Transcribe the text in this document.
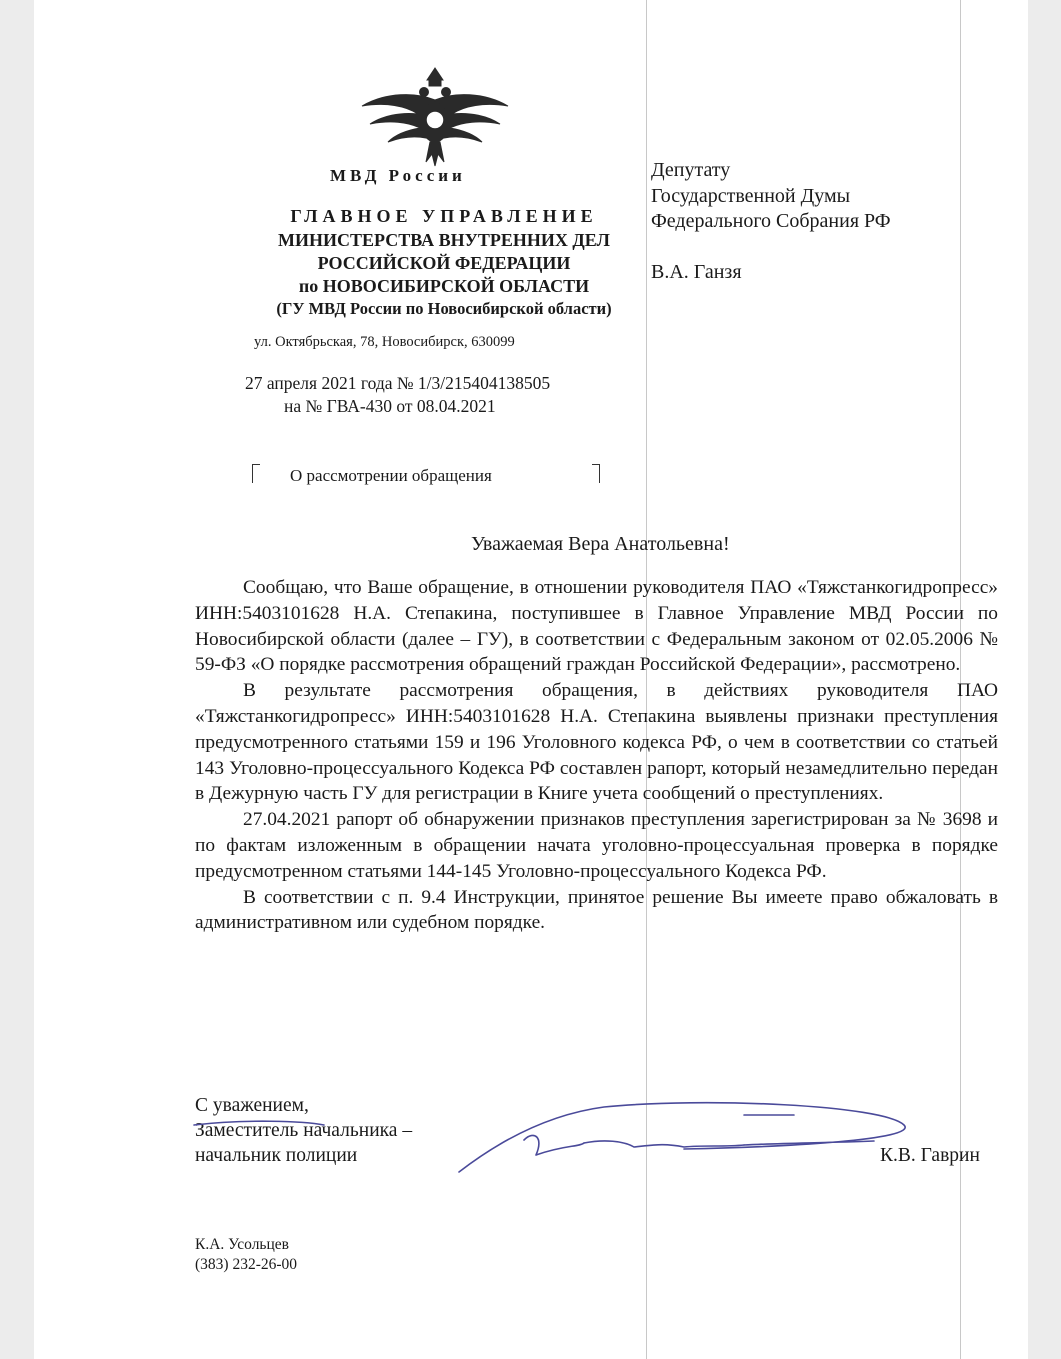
МВД России
ГЛАВНОЕ УПРАВЛЕНИЕ
МИНИСТЕРСТВА ВНУТРЕННИХ ДЕЛ
РОССИЙСКОЙ ФЕДЕРАЦИИ
по НОВОСИБИРСКОЙ ОБЛАСТИ
(ГУ МВД России по Новосибирской области)
ул. Октябрьская, 78, Новосибирск, 630099
27 апреля 2021 года № 1/3/215404138505
на № ГВА-430 от 08.04.2021
О рассмотрении обращения
Депутату
Государственной Думы
Федерального Собрания РФ
В.А. Ганзя
Уважаемая Вера Анатольевна!

Сообщаю, что Ваше обращение, в отношении руководителя ПАО «Тяжстанкогидропресс» ИНН:5403101628 Н.А. Степакина, поступившее в Главное Управление МВД России по Новосибирской области (далее – ГУ), в соответствии с Федеральным законом от 02.05.2006 № 59-ФЗ «О порядке рассмотрения обращений граждан Российской Федерации», рассмотрено.

В результате рассмотрения обращения, в действиях руководителя ПАО «Тяжстанкогидропресс» ИНН:5403101628 Н.А. Степакина выявлены признаки преступления предусмотренного статьями 159 и 196 Уголовного кодекса РФ, о чем в соответствии со статьей 143 Уголовно-процессуального Кодекса РФ составлен рапорт, который незамедлительно передан в Дежурную часть ГУ для регистрации в Книге учета сообщений о преступлениях.

27.04.2021 рапорт об обнаружении признаков преступления зарегистрирован за № 3698 и по фактам изложенным в обращении начата уголовно-процессуальная проверка в порядке предусмотренном статьями 144-145 Уголовно-процессуального Кодекса РФ.

В соответствии с п. 9.4 Инструкции, принятое решение Вы имеете право обжаловать в административном или судебном порядке.

С уважением,
Заместитель начальника –
начальник полиции	К.В. Гаврин
К.А. Усольцев
(383) 232-26-00
